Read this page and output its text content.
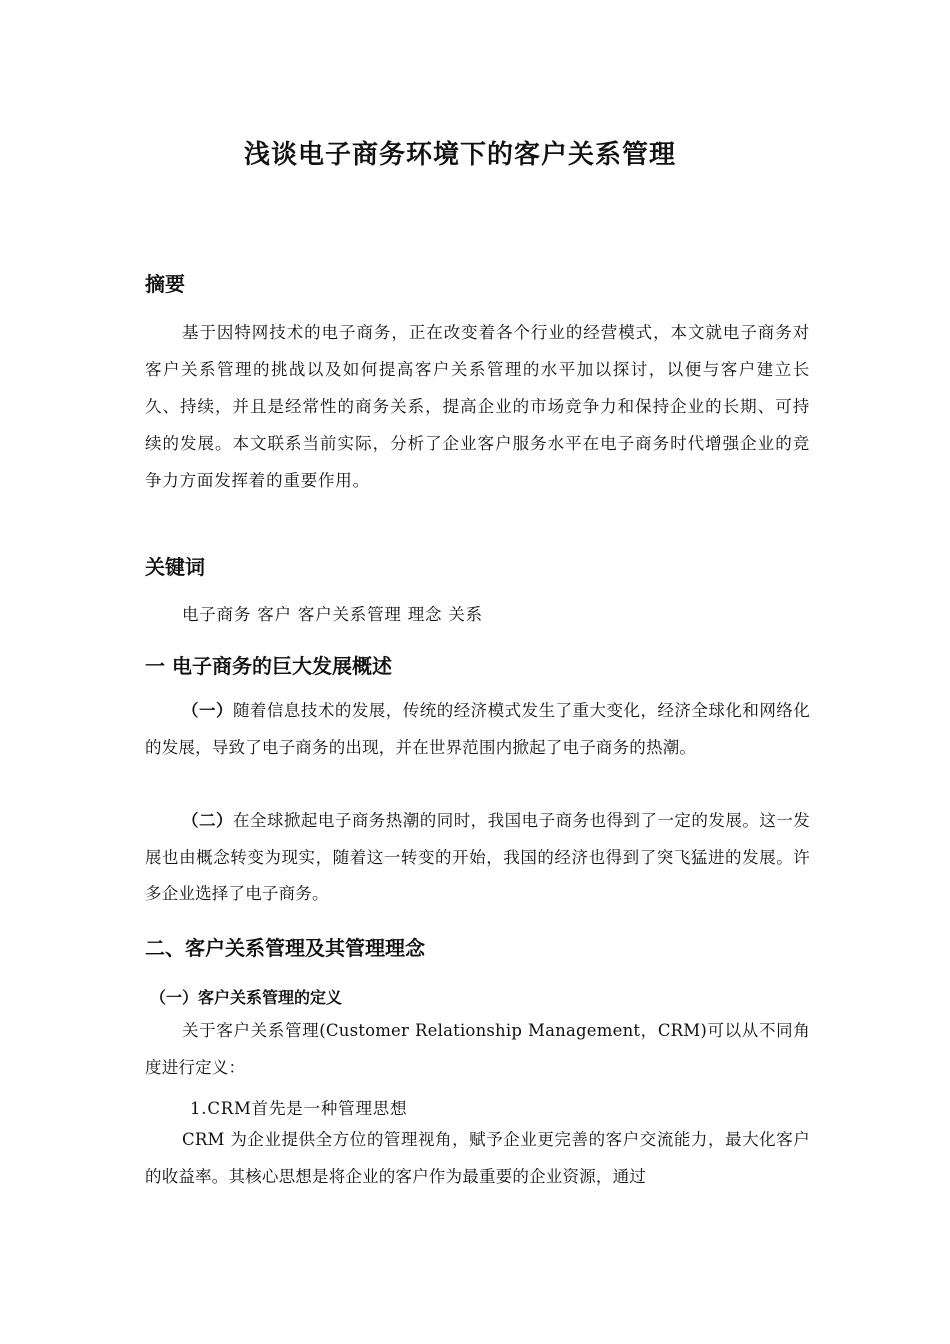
浅谈电子商务环境下的客户关系管理
摘要
基于因特网技术的电子商务，正在改变着各个行业的经营模式，本文就电子商务对客户关系管理的挑战以及如何提高客户关系管理的水平加以探讨，以便与客户建立长久、持续，并且是经常性的商务关系，提高企业的市场竞争力和保持企业的长期、可持续的发展。本文联系当前实际，分析了企业客户服务水平在电子商务时代增强企业的竞争力方面发挥着的重要作用。
关键词
电子商务 客户 客户关系管理 理念 关系
一 电子商务的巨大发展概述
（一）随着信息技术的发展，传统的经济模式发生了重大变化，经济全球化和网络化的发展，导致了电子商务的出现，并在世界范围内掀起了电子商务的热潮。
（二）在全球掀起电子商务热潮的同时，我国电子商务也得到了一定的发展。这一发展也由概念转变为现实，随着这一转变的开始，我国的经济也得到了突飞猛进的发展。许多企业选择了电子商务。
二、客户关系管理及其管理理念
（一）客户关系管理的定义
关于客户关系管理(Customer Relationship Management，CRM)可以从不同角度进行定义：
1.CRM首先是一种管理思想
CRM 为企业提供全方位的管理视角，赋予企业更完善的客户交流能力，最大化客户的收益率。其核心思想是将企业的客户作为最重要的企业资源，通过
